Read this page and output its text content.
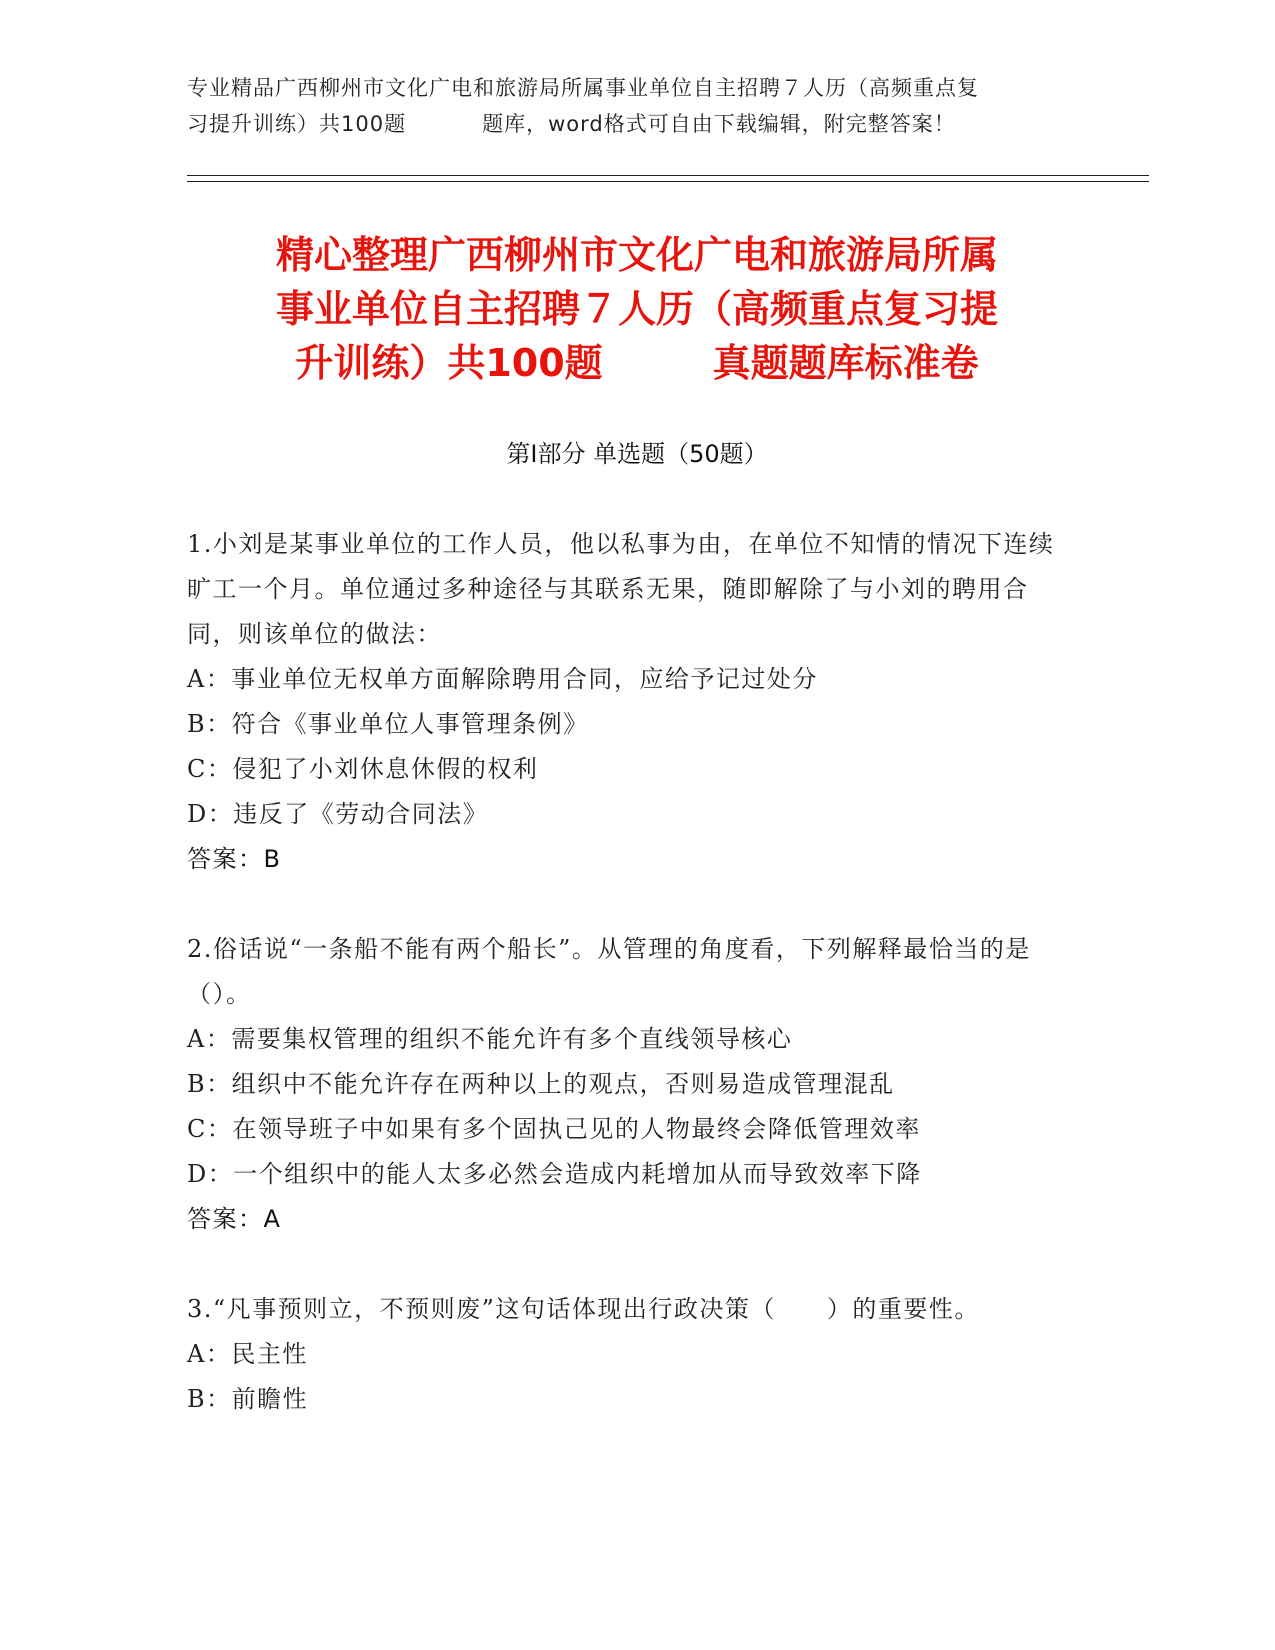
专业精品广西柳州市文化广电和旅游局所属事业单位自主招聘７人历（高频重点复
习提升训练）共100题	题库，word格式可自由下载编辑，附完整答案！
精心整理广西柳州市文化广电和旅游局所属
事业单位自主招聘７人历（高频重点复习提
升训练）共100题	真题题库标准卷
第Ⅰ部分 单选题（50题）

1.小刘是某事业单位的工作人员，他以私事为由，在单位不知情的情况下连续旷工一个月。单位通过多种途径与其联系无果，随即解除了与小刘的聘用合同，则该单位的做法：

A：事业单位无权单方面解除聘用合同，应给予记过处分

B：符合《事业单位人事管理条例》

C：侵犯了小刘休息休假的权利

D：违反了《劳动合同法》

答案：B

2.俗话说“一条船不能有两个船长”。从管理的角度看，下列解释最恰当的是（）。

A：需要集权管理的组织不能允许有多个直线领导核心

B：组织中不能允许存在两种以上的观点，否则易造成管理混乱

C：在领导班子中如果有多个固执己见的人物最终会降低管理效率

D：一个组织中的能人太多必然会造成内耗增加从而导致效率下降

答案：A

3.“凡事预则立，不预则废”这句话体现出行政决策（　　）的重要性。

A：民主性

B：前瞻性
